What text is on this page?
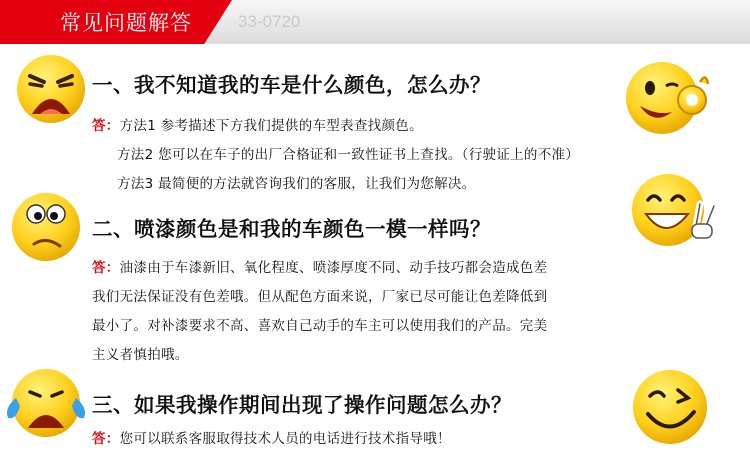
常见问题解答	33-0720
一、我不知道我的车是什么颜色，怎么办？
答：方法1 参考描述下方我们提供的车型表查找颜色。
方法2 您可以在车子的出厂合格证和一致性证书上查找。（行驶证上的不准）
方法3 最简便的方法就咨询我们的客服，让我们为您解决。
二、喷漆颜色是和我的车颜色一模一样吗？
答：油漆由于车漆新旧、氧化程度、喷漆厚度不同、动手技巧都会造成色差
我们无法保证没有色差哦。但从配色方面来说，厂家已尽可能让色差降低到
最小了。对补漆要求不高、喜欢自己动手的车主可以使用我们的产品。完美
主义者慎拍哦。
三、如果我操作期间出现了操作问题怎么办？
答：您可以联系客服取得技术人员的电话进行技术指导哦！
